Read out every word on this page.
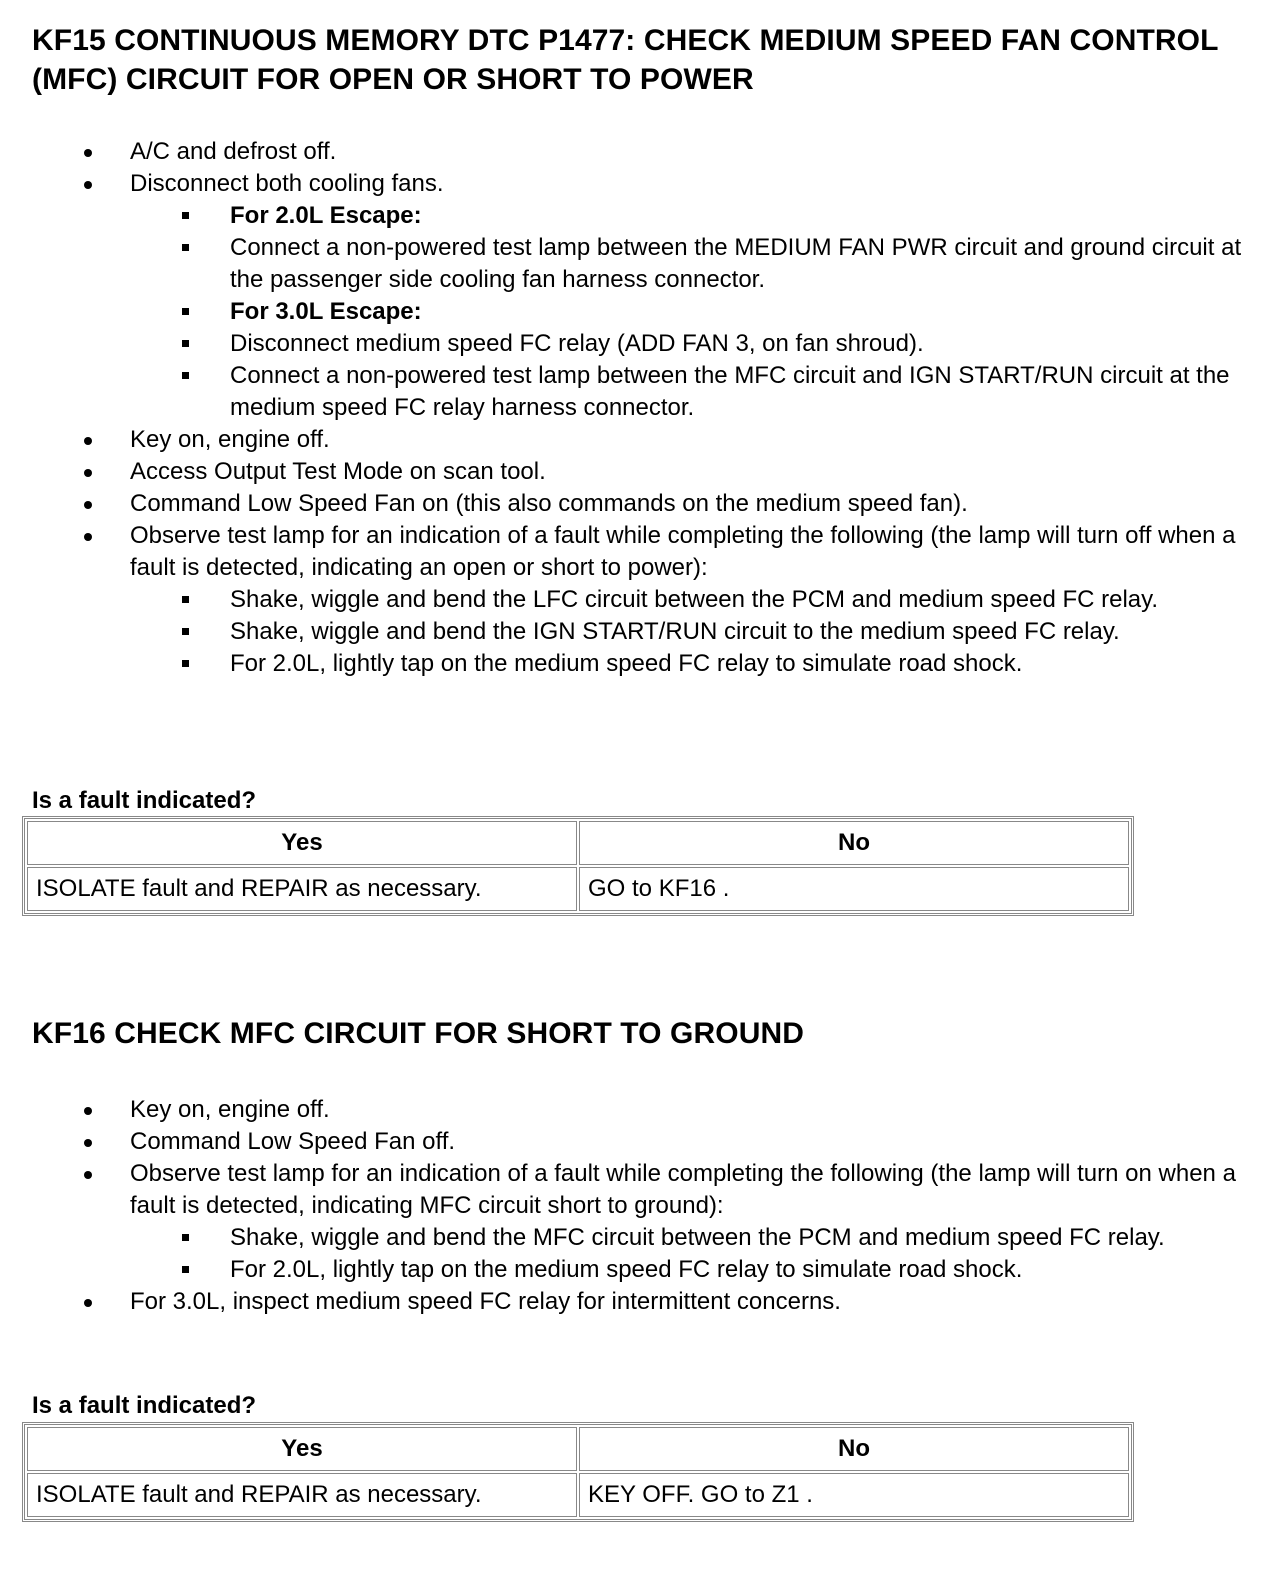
KF15 CONTINUOUS MEMORY DTC P1477: CHECK MEDIUM SPEED FAN CONTROL (MFC) CIRCUIT FOR OPEN OR SHORT TO POWER
A/C and defrost off.
Disconnect both cooling fans.
For 2.0L Escape:
Connect a non-powered test lamp between the MEDIUM FAN PWR circuit and ground circuit at the passenger side cooling fan harness connector.
For 3.0L Escape:
Disconnect medium speed FC relay (ADD FAN 3, on fan shroud).
Connect a non-powered test lamp between the MFC circuit and IGN START/RUN circuit at the medium speed FC relay harness connector.
Key on, engine off.
Access Output Test Mode on scan tool.
Command Low Speed Fan on (this also commands on the medium speed fan).
Observe test lamp for an indication of a fault while completing the following (the lamp will turn off when a fault is detected, indicating an open or short to power):
Shake, wiggle and bend the LFC circuit between the PCM and medium speed FC relay.
Shake, wiggle and bend the IGN START/RUN circuit to the medium speed FC relay.
For 2.0L, lightly tap on the medium speed FC relay to simulate road shock.
Is a fault indicated?
Yes	No
ISOLATE fault and REPAIR as necessary.	GO to KF16 .
KF16 CHECK MFC CIRCUIT FOR SHORT TO GROUND
Key on, engine off.
Command Low Speed Fan off.
Observe test lamp for an indication of a fault while completing the following (the lamp will turn on when a fault is detected, indicating MFC circuit short to ground):
Shake, wiggle and bend the MFC circuit between the PCM and medium speed FC relay.
For 2.0L, lightly tap on the medium speed FC relay to simulate road shock.
For 3.0L, inspect medium speed FC relay for intermittent concerns.
Is a fault indicated?
Yes	No
ISOLATE fault and REPAIR as necessary.	KEY OFF. GO to Z1 .
